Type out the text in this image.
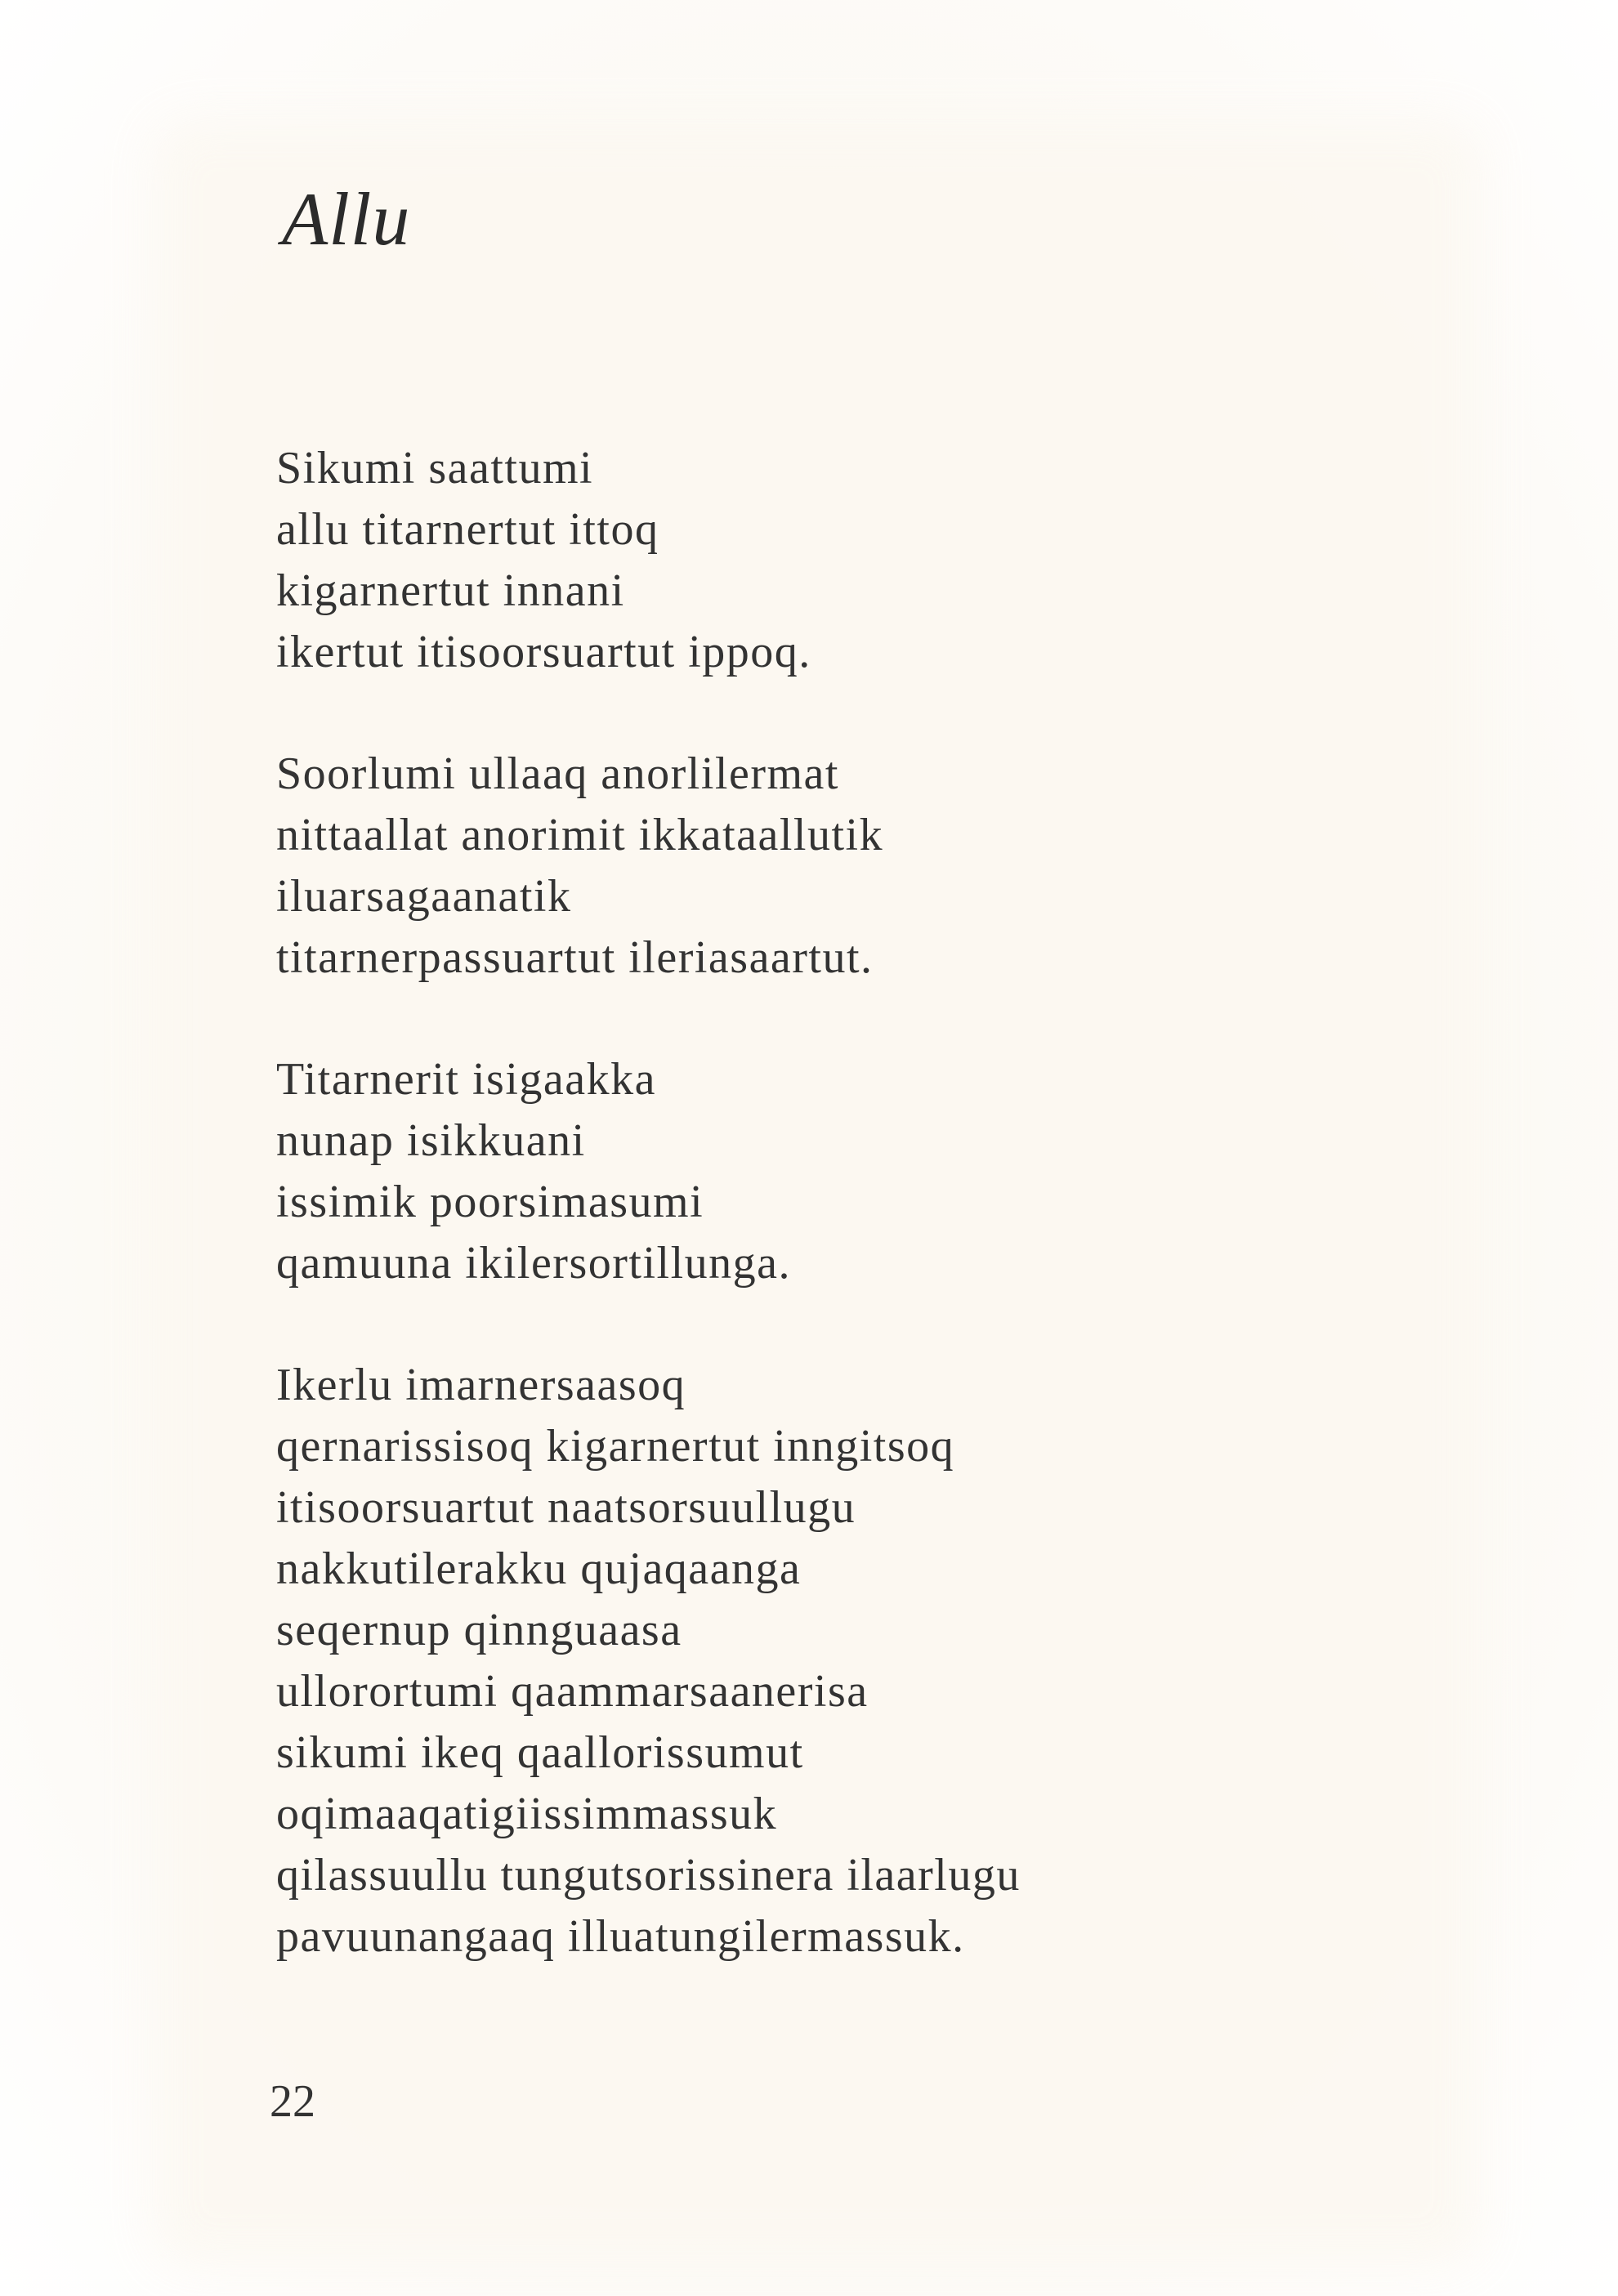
Allu
Sikumi saattumi
allu titarnertut ittoq
kigarnertut innani
ikertut itisoorsuartut ippoq.
Soorlumi ullaaq anorlilermat
nittaallat anorimit ikkataallutik
iluarsagaanatik
titarnerpassuartut ileriasaartut.
Titarnerit isigaakka
nunap isikkuani
issimik poorsimasumi
qamuuna ikilersortillunga.
Ikerlu imarnersaasoq
qernarissisoq kigarnertut inngitsoq
itisoorsuartut naatsorsuullugu
nakkutilerakku qujaqaanga
seqernup qinnguaasa
ullorortumi qaammarsaanerisa
sikumi ikeq qaallorissumut
oqimaaqatigiissimmassuk
qilassuullu tungutsorissinera ilaarlugu
pavuunangaaq illuatungilermassuk.
22
